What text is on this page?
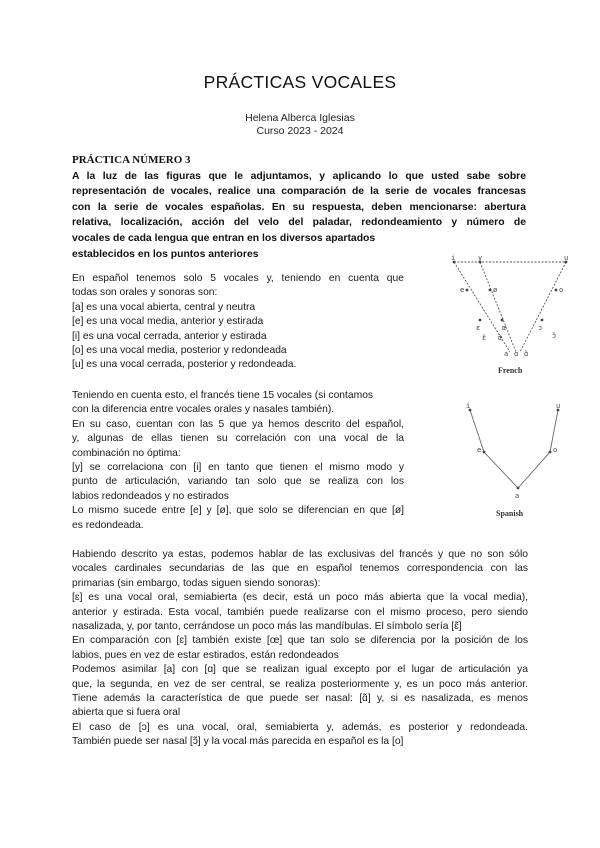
PRÁCTICAS VOCALES
Helena Alberca Iglesias
Curso 2023 - 2024
PRÁCTICA NÚMERO 3
A la luz de las figuras que le adjuntamos, y aplicando lo que usted sabe sobre
representación de vocales, realice una comparación de la serie de vocales francesas
con la serie de vocales españolas. En su respuesta, deben mencionarse: abertura
relativa, localización, acción del velo del paladar, redondeamiento y número de
vocales de cada lengua que entran en los diversos apartados
establecidos en los puntos anteriores
En español tenemos solo 5 vocales y, teniendo en cuenta que
todas son orales y sonoras son:
[a] es una vocal abierta, central y neutra
[e] es una vocal media, anterior y estirada
[i] es una vocal cerrada, anterior y estirada
[o] es una vocal media, posterior y redondeada
[u] es una vocal cerrada, posterior y redondeada.
Teniendo en cuenta esto, el francés tiene 15 vocales (si contamos
con la diferencia entre vocales orales y nasales también).
En su caso, cuentan con las 5 que ya hemos descrito del español,
y, algunas de ellas tienen su correlación con una vocal de la
combinación no óptima:
[y] se correlaciona con [i] en tanto que tienen el mismo modo y
punto de articulación, variando tan solo que se realiza con los
labios redondeados y no estirados
Lo mismo sucede entre [e] y [ø], que solo se diferencian en que [ø]
es redondeada.
Habiendo descrito ya estas, podemos hablar de las exclusivas del francés y que no son sólo
vocales cardinales secundarias de las que en español tenemos correspondencia con las
primarias (sin embargo, todas siguen siendo sonoras):
[ɛ] es una vocal oral, semiabierta (es decir, está un poco más abierta que la vocal media),
anterior y estirada. Esta vocal, también puede realizarse con el mismo proceso, pero siendo
nasalizada, y, por tanto, cerrándose un poco más las mandíbulas. El símbolo sería [ɛ̃]
En comparación con [ɛ] también existe [œ] que tan solo se diferencia por la posición de los
labios, pues en vez de estar estirados, están redondeados
Podemos asimilar [a] con [ɑ] que se realizan igual excepto por el lugar de articulación ya
que, la segunda, en vez de ser central, se realiza posteriormente y, es un poco más anterior.
Tiene además la característica de que puede ser nasal: [ɑ̃] y, si es nasalizada, es menos
abierta que si fuera oral
El caso de [ɔ] es una vocal, oral, semiabierta y, además, es posterior y redondeada.
También puede ser nasal [ɔ̃] y la vocal más parecida en español es la [o]
i	y	u
e	ø	o
ɛ	œ	ɔ
ɛ̃ œ̃	ɔ̃
a ɑ ɑ̃
French
i	u
e	o
a
Spanish
